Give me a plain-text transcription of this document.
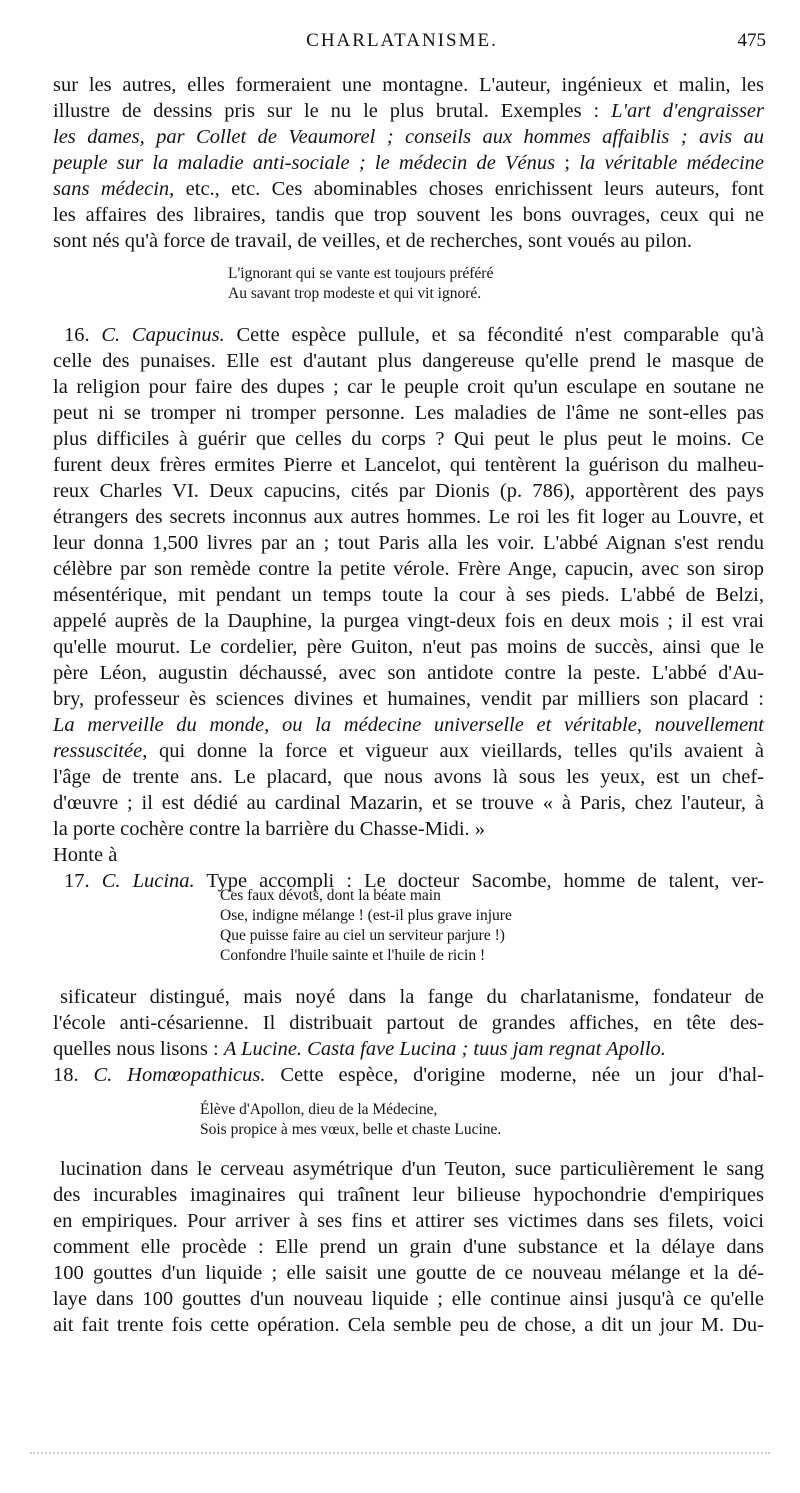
CHARLATANISME.	475
sur les autres, elles formeraient une montagne. L'auteur, ingénieux et malin, les
illustre de dessins pris sur le nu le plus brutal. Exemples : L'art d'engraisser
les dames, par Collet de Veaumorel ; conseils aux hommes affaiblis ; avis au
peuple sur la maladie anti-sociale ; le médecin de Vénus ; la véritable médecine
sans médecin, etc., etc. Ces abominables choses enrichissent leurs auteurs, font
les affaires des libraires, tandis que trop souvent les bons ouvrages, ceux qui ne
sont nés qu'à force de travail, de veilles, et de recherches, sont voués au pilon.
16. C. Capucinus. Cette espèce pullule, et sa fécondité n'est comparable qu'à
celle des punaises. Elle est d'autant plus dangereuse qu'elle prend le masque de
la religion pour faire des dupes ; car le peuple croit qu'un esculape en soutane ne
peut ni se tromper ni tromper personne. Les maladies de l'âme ne sont-elles pas
plus difficiles à guérir que celles du corps ? Qui peut le plus peut le moins. Ce
furent deux frères ermites Pierre et Lancelot, qui tentèrent la guérison du malheu-
reux Charles VI. Deux capucins, cités par Dionis (p. 786), apportèrent des pays
étrangers des secrets inconnus aux autres hommes. Le roi les fit loger au Louvre, et
leur donna 1,500 livres par an ; tout Paris alla les voir. L'abbé Aignan s'est rendu
célèbre par son remède contre la petite vérole. Frère Ange, capucin, avec son sirop
mésentérique, mit pendant un temps toute la cour à ses pieds. L'abbé de Belzi,
appelé auprès de la Dauphine, la purgea vingt-deux fois en deux mois ; il est vrai
qu'elle mourut. Le cordelier, père Guiton, n'eut pas moins de succès, ainsi que le
père Léon, augustin déchaussé, avec son antidote contre la peste. L'abbé d'Au-
bry, professeur ès sciences divines et humaines, vendit par milliers son placard :
La merveille du monde, ou la médecine universelle et véritable, nouvellement
ressuscitée, qui donne la force et vigueur aux vieillards, telles qu'ils avaient à
l'âge de trente ans. Le placard, que nous avons là sous les yeux, est un chef-
d'œuvre ; il est dédié au cardinal Mazarin, et se trouve « à Paris, chez l'auteur, à
la porte cochère contre la barrière du Chasse-Midi. »
Honte à
17. C. Lucina. Type accompli : Le docteur Sacombe, homme de talent, ver-
sificateur distingué, mais noyé dans la fange du charlatanisme, fondateur de
l'école anti-césarienne. Il distribuait partout de grandes affiches, en tête des-
quelles nous lisons : A Lucine. Casta fave Lucina ; tuus jam regnat Apollo.
18. C. Homœopathicus. Cette espèce, d'origine moderne, née un jour d'hal-
lucination dans le cerveau asymétrique d'un Teuton, suce particulièrement le sang
des incurables imaginaires qui traînent leur bilieuse hypochondrie d'empiriques
en empiriques. Pour arriver à ses fins et attirer ses victimes dans ses filets, voici
comment elle procède : Elle prend un grain d'une substance et la délaye dans
100 gouttes d'un liquide ; elle saisit une goutte de ce nouveau mélange et la dé-
laye dans 100 gouttes d'un nouveau liquide ; elle continue ainsi jusqu'à ce qu'elle
ait fait trente fois cette opération. Cela semble peu de chose, a dit un jour M. Du-
L'ignorant qui se vante est toujours préféré
Au savant trop modeste et qui vit ignoré.
Ces faux dévots, dont la béate main
Ose, indigne mélange ! (est-il plus grave injure
Que puisse faire au ciel un serviteur parjure !)
Confondre l'huile sainte et l'huile de ricin !
Élève d'Apollon, dieu de la Médecine,
Sois propice à mes vœux, belle et chaste Lucine.
